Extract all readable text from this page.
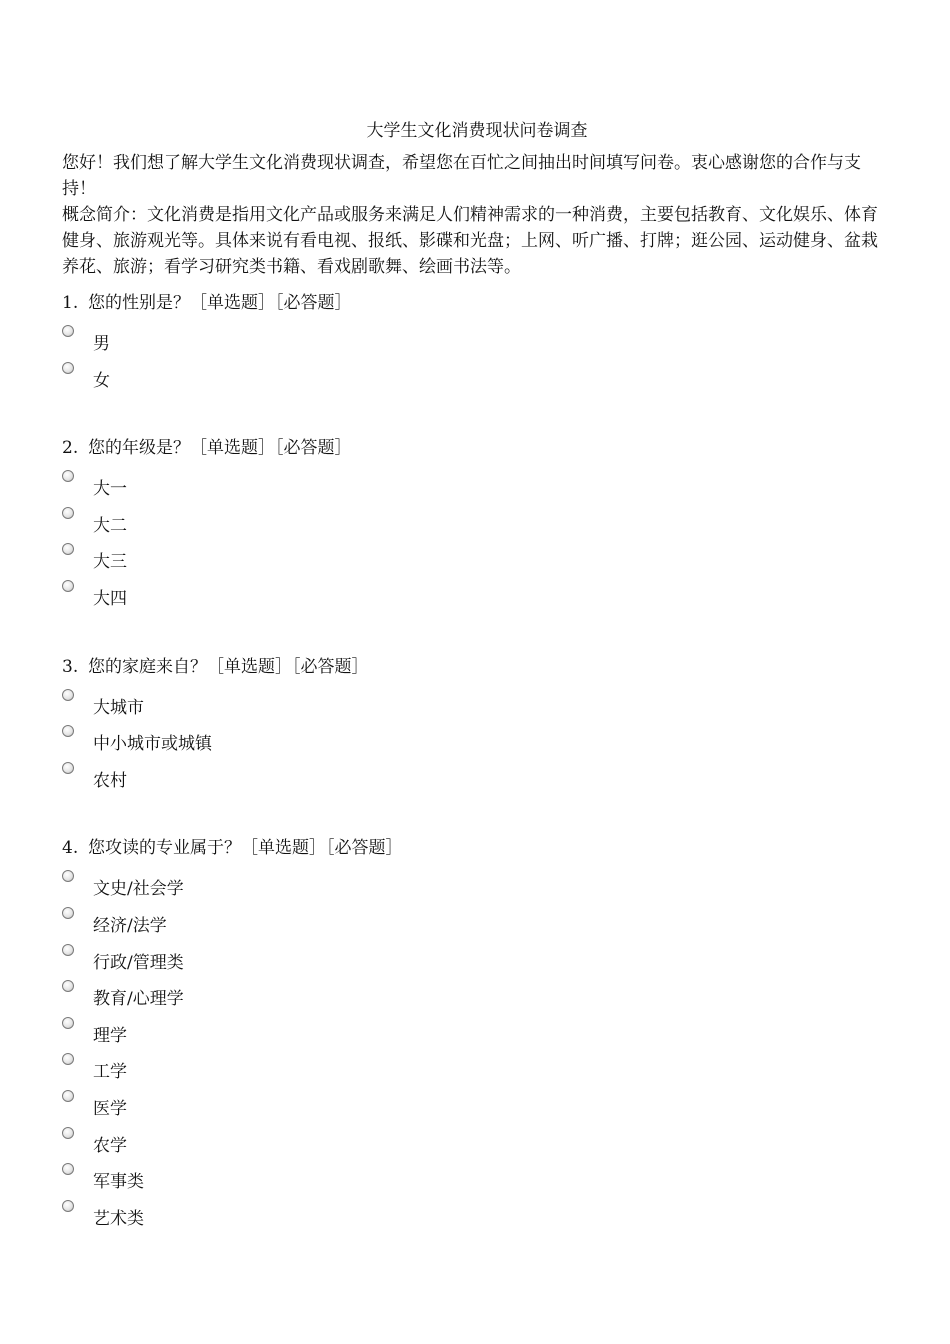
大学生文化消费现状问卷调查

您好！我们想了解大学生文化消费现状调查，希望您在百忙之间抽出时间填写问卷。衷心感谢您的合作与支持！

概念简介：文化消费是指用文化产品或服务来满足人们精神需求的一种消费，主要包括教育、文化娱乐、体育健身、旅游观光等。具体来说有看电视、报纸、影碟和光盘；上网、听广播、打牌；逛公园、运动健身、盆栽养花、旅游；看学习研究类书籍、看戏剧歌舞、绘画书法等。

1. 您的性别是？［单选题］［必答题］
男
女
2. 您的年级是？［单选题］［必答题］
大一
大二
大三
大四
3. 您的家庭来自？［单选题］［必答题］
大城市
中小城市或城镇
农村
4. 您攻读的专业属于？［单选题］［必答题］
文史/社会学
经济/法学
行政/管理类
教育/心理学
理学
工学
医学
农学
军事类
艺术类
